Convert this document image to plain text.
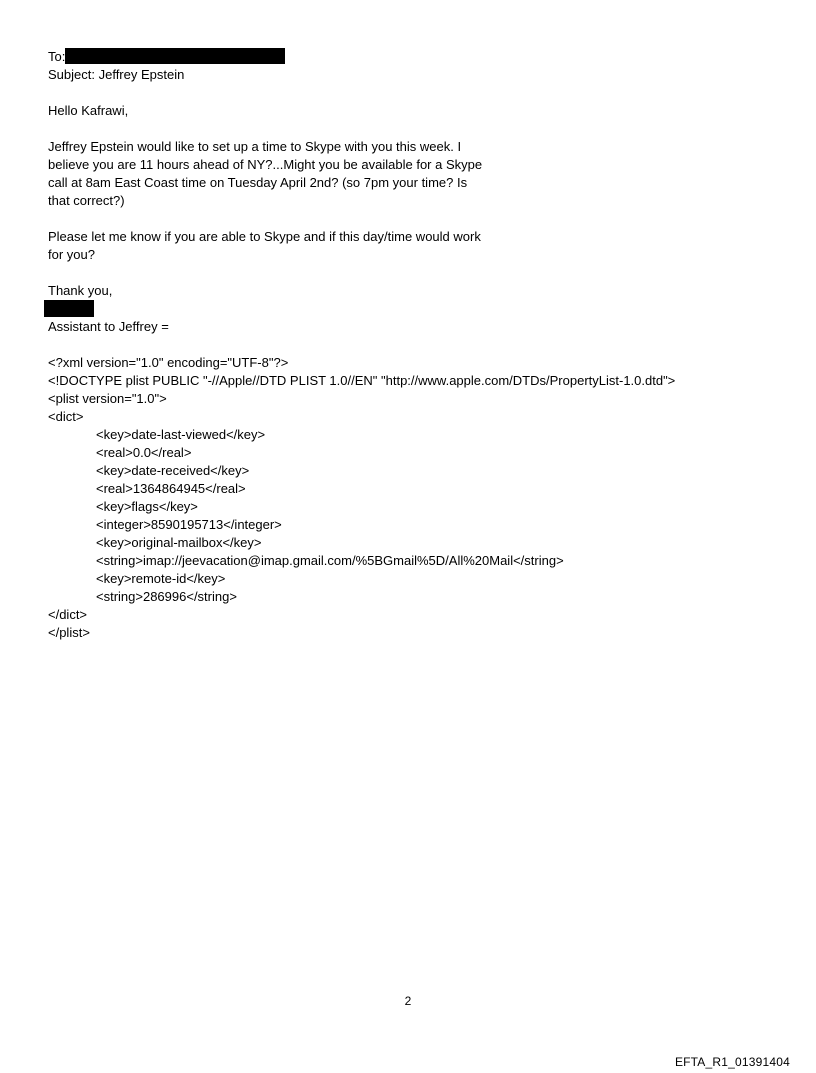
To:
Subject: Jeffrey Epstein
Hello Kafrawi,
Jeffrey Epstein would like to set up a time to Skype with you this week. I
believe you are 11 hours ahead of NY?...Might you be available for a Skype
call at 8am East Coast time on Tuesday April 2nd? (so 7pm your time? Is
that correct?)
Please let me know if you are able to Skype and if this day/time would work
for you?
Thank you,
Assistant to Jeffrey =
<?xml version="1.0" encoding="UTF-8"?>
<!DOCTYPE plist PUBLIC "-//Apple//DTD PLIST 1.0//EN" "http://www.apple.com/DTDs/PropertyList-1.0.dtd">
<plist version="1.0">
<dict>
<key>date-last-viewed</key>
<real>0.0</real>
<key>date-received</key>
<real>1364864945</real>
<key>flags</key>
<integer>8590195713</integer>
<key>original-mailbox</key>
<string>imap://jeevacation@imap.gmail.com/%5BGmail%5D/All%20Mail</string>
<key>remote-id</key>
<string>286996</string>
</dict>
</plist>
2
EFTA_R1_01391404
